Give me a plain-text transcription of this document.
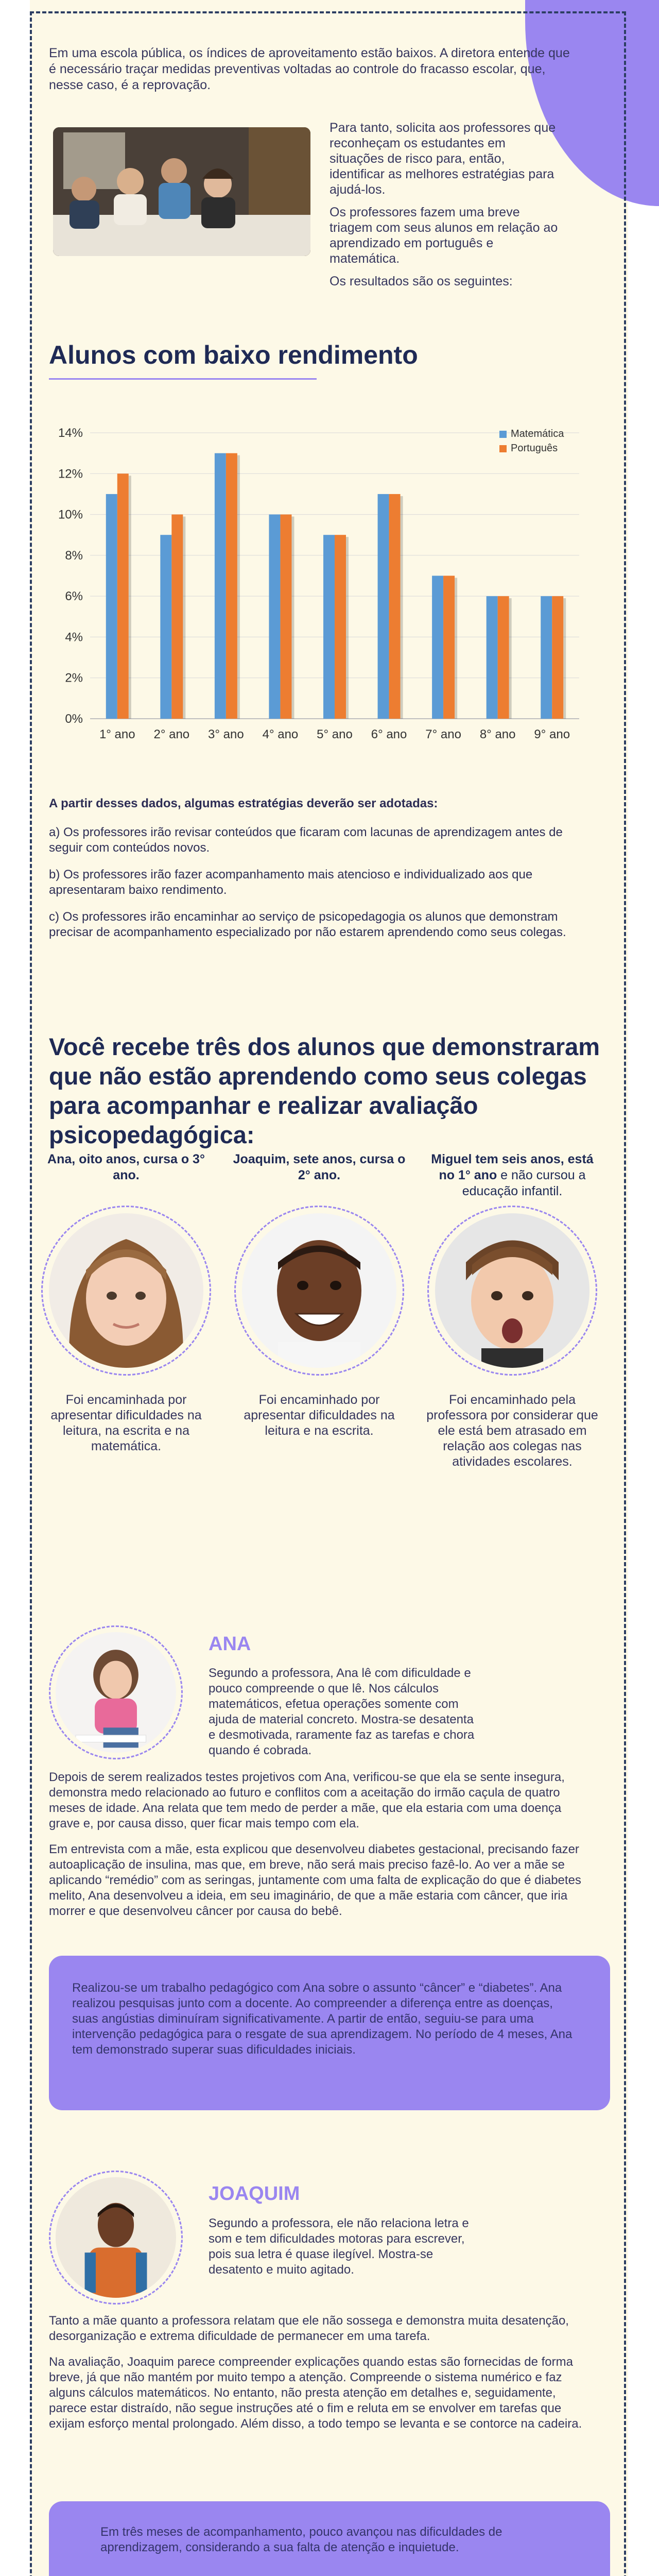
Em uma escola pública, os índices de aproveitamento estão baixos. A diretora entende que é necessário traçar medidas preventivas voltadas ao controle do fracasso escolar, que, nesse caso, é a reprovação.

Para tanto, solicita aos professores que reconheçam os estudantes em situações de risco para, então, identificar as melhores estratégias para ajudá-los.

Os professores fazem uma breve triagem com seus alunos em relação ao aprendizado em português e matemática.

Os resultados são os seguintes:

Alunos com baixo rendimento
0%
2%
4%
6%
8%
10%
12%
14%
1° ano 2° ano 3° ano 4° ano 5° ano 6° ano 7° ano 8° ano 9° ano
Matemática
Português

A partir desses dados, algumas estratégias deverão ser adotadas:

a) Os professores irão revisar conteúdos que ficaram com lacunas de aprendizagem antes de seguir com conteúdos novos.

b) Os professores irão fazer acompanhamento mais atencioso e individualizado aos que apresentaram baixo rendimento.

c) Os professores irão encaminhar ao serviço de psicopedagogia os alunos que demonstram precisar de acompanhamento especializado por não estarem aprendendo como seus colegas.

Você recebe três dos alunos que demonstraram que não estão aprendendo como seus colegas para acompanhar e realizar avaliação psicopedagógica:
Ana, oito anos, cursa o 3° ano.
Foi encaminhada por apresentar dificuldades na leitura, na escrita e na matemática.
Joaquim, sete anos, cursa o 2° ano.
Foi encaminhado por apresentar dificuldades na leitura e na escrita.
Miguel tem seis anos, está no 1° ano e não cursou a educação infantil.
Foi encaminhado pela professora por considerar que ele está bem atrasado em relação aos colegas nas atividades escolares.
ANA

Segundo a professora, Ana lê com dificuldade e pouco compreende o que lê. Nos cálculos matemáticos, efetua operações somente com ajuda de material concreto. Mostra-se desatenta e desmotivada, raramente faz as tarefas e chora quando é cobrada.

Depois de serem realizados testes projetivos com Ana, verificou-se que ela se sente insegura, demonstra medo relacionado ao futuro e conflitos com a aceitação do irmão caçula de quatro meses de idade. Ana relata que tem medo de perder a mãe, que ela estaria com uma doença grave e, por causa disso, quer ficar mais tempo com ela.

Em entrevista com a mãe, esta explicou que desenvolveu diabetes gestacional, precisando fazer autoaplicação de insulina, mas que, em breve, não será mais preciso fazê-lo. Ao ver a mãe se aplicando “remédio” com as seringas, juntamente com uma falta de explicação do que é diabetes melito, Ana desenvolveu a ideia, em seu imaginário, de que a mãe estaria com câncer, que iria morrer e que desenvolveu câncer por causa do bebê.

Realizou-se um trabalho pedagógico com Ana sobre o assunto “câncer” e “diabetes”. Ana realizou pesquisas junto com a docente. Ao compreender a diferença entre as doenças, suas angústias diminuíram significativamente. A partir de então, seguiu-se para uma intervenção pedagógica para o resgate de sua aprendizagem. No período de 4 meses, Ana tem demonstrado superar suas dificuldades iniciais.

JOAQUIM

Segundo a professora, ele não relaciona letra e som e tem dificuldades motoras para escrever, pois sua letra é quase ilegível. Mostra-se desatento e muito agitado.

Tanto a mãe quanto a professora relatam que ele não sossega e demonstra muita desatenção, desorganização e extrema dificuldade de permanecer em uma tarefa.

Na avaliação, Joaquim parece compreender explicações quando estas são fornecidas de forma breve, já que não mantém por muito tempo a atenção. Compreende o sistema numérico e faz alguns cálculos matemáticos. No entanto, não presta atenção em detalhes e, seguidamente, parece estar distraído, não segue instruções até o fim e reluta em se envolver em tarefas que exijam esforço mental prolongado. Além disso, a todo tempo se levanta e se contorce na cadeira.

Em três meses de acompanhamento, pouco avançou nas dificuldades de aprendizagem, considerando a sua falta de atenção e inquietude.
